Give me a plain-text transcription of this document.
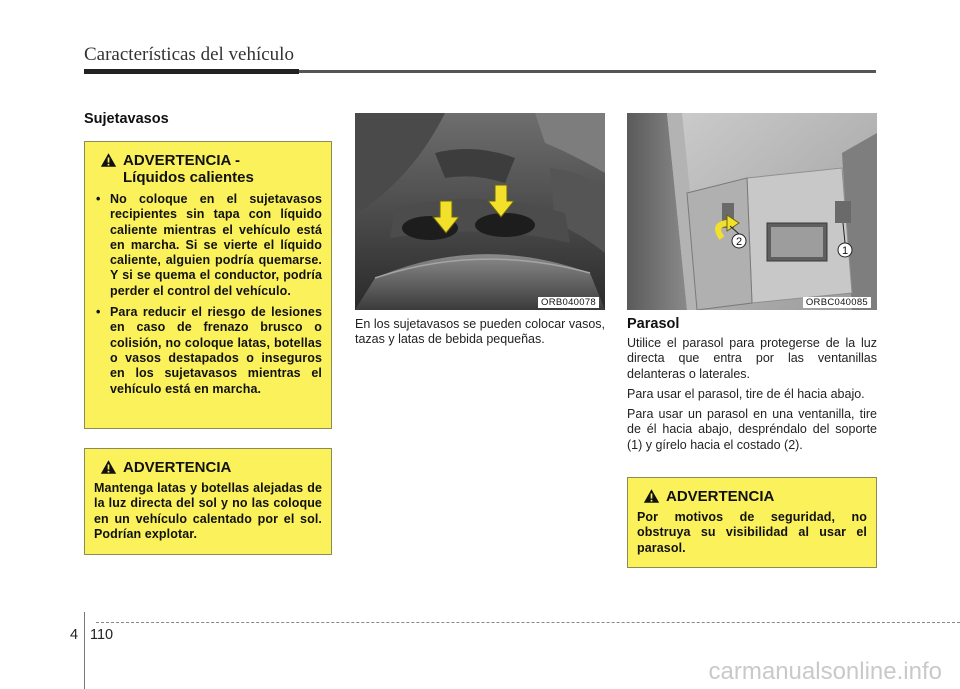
Características del vehículo
Sujetavasos
ADVERTENCIA -
Líquidos calientes
• No coloque en el sujetavasos recipientes sin tapa con líquido caliente mientras el vehículo está en marcha. Si se vierte el líquido caliente, alguien podría quemarse. Y si se quema el conductor, podría perder el control del vehículo.
• Para reducir el riesgo de lesiones en caso de frenazo brusco o colisión, no coloque latas, botellas o vasos destapados o inseguros en los sujetavasos mientras el vehículo está en marcha.
ADVERTENCIA
Mantenga latas y botellas alejadas de la luz directa del sol y no las coloque en un vehículo calentado por el sol. Podrían explotar.
ORB040078
En los sujetavasos se pueden colocar vasos, tazas y latas de bebida pequeñas.
2
1
ORBC040085
Parasol

Utilice el parasol para protegerse de la luz directa que entra por las ventanillas delanteras o laterales.

Para usar el parasol, tire de él hacia abajo.

Para usar un parasol en una ventanilla, tire de él hacia abajo, despréndalo del soporte (1) y gírelo hacia el costado (2).

ADVERTENCIA
Por motivos de seguridad, no obstruya su visibilidad al usar el parasol.
4 110
carmanualsonline.info
